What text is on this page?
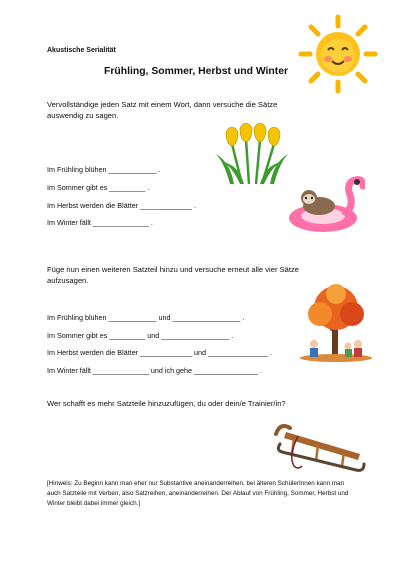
Akustische Serialität
Frühling, Sommer, Herbst und Winter
Vervollständige jeden Satz mit einem Wort, dann versuche die Sätze auswendig zu sagen.
Im Frühling blühen ____________ .
Im Sommer gibt es _________ .
Im Herbst werden die Blätter _____________ .
Im Winter fällt ______________ .
Füge nun einen weiteren Satzteil hinzu und versuche erneut alle vier Sätze aufzusagen.
Im Frühling blühen ____________ und _________________ .
Im Sommer gibt es _________ und _________________ .
Im Herbst werden die Blätter _____________ und _______________ .
Im Winter fällt ______________ und ich gehe ________________ .
Wer schafft es mehr Satzteile hinzuzufügen, du oder dein/e Trainier/in?
[Hinweis: Zu Beginn kann man eher nur Substantive aneinanderreihen, bei älteren SchülerInnen kann man auch Satzteile mit Verben, also Satzreihen, aneinanderreihen. Der Ablauf von Frühling, Sommer, Herbst und Winter bleibt dabei immer gleich.]
